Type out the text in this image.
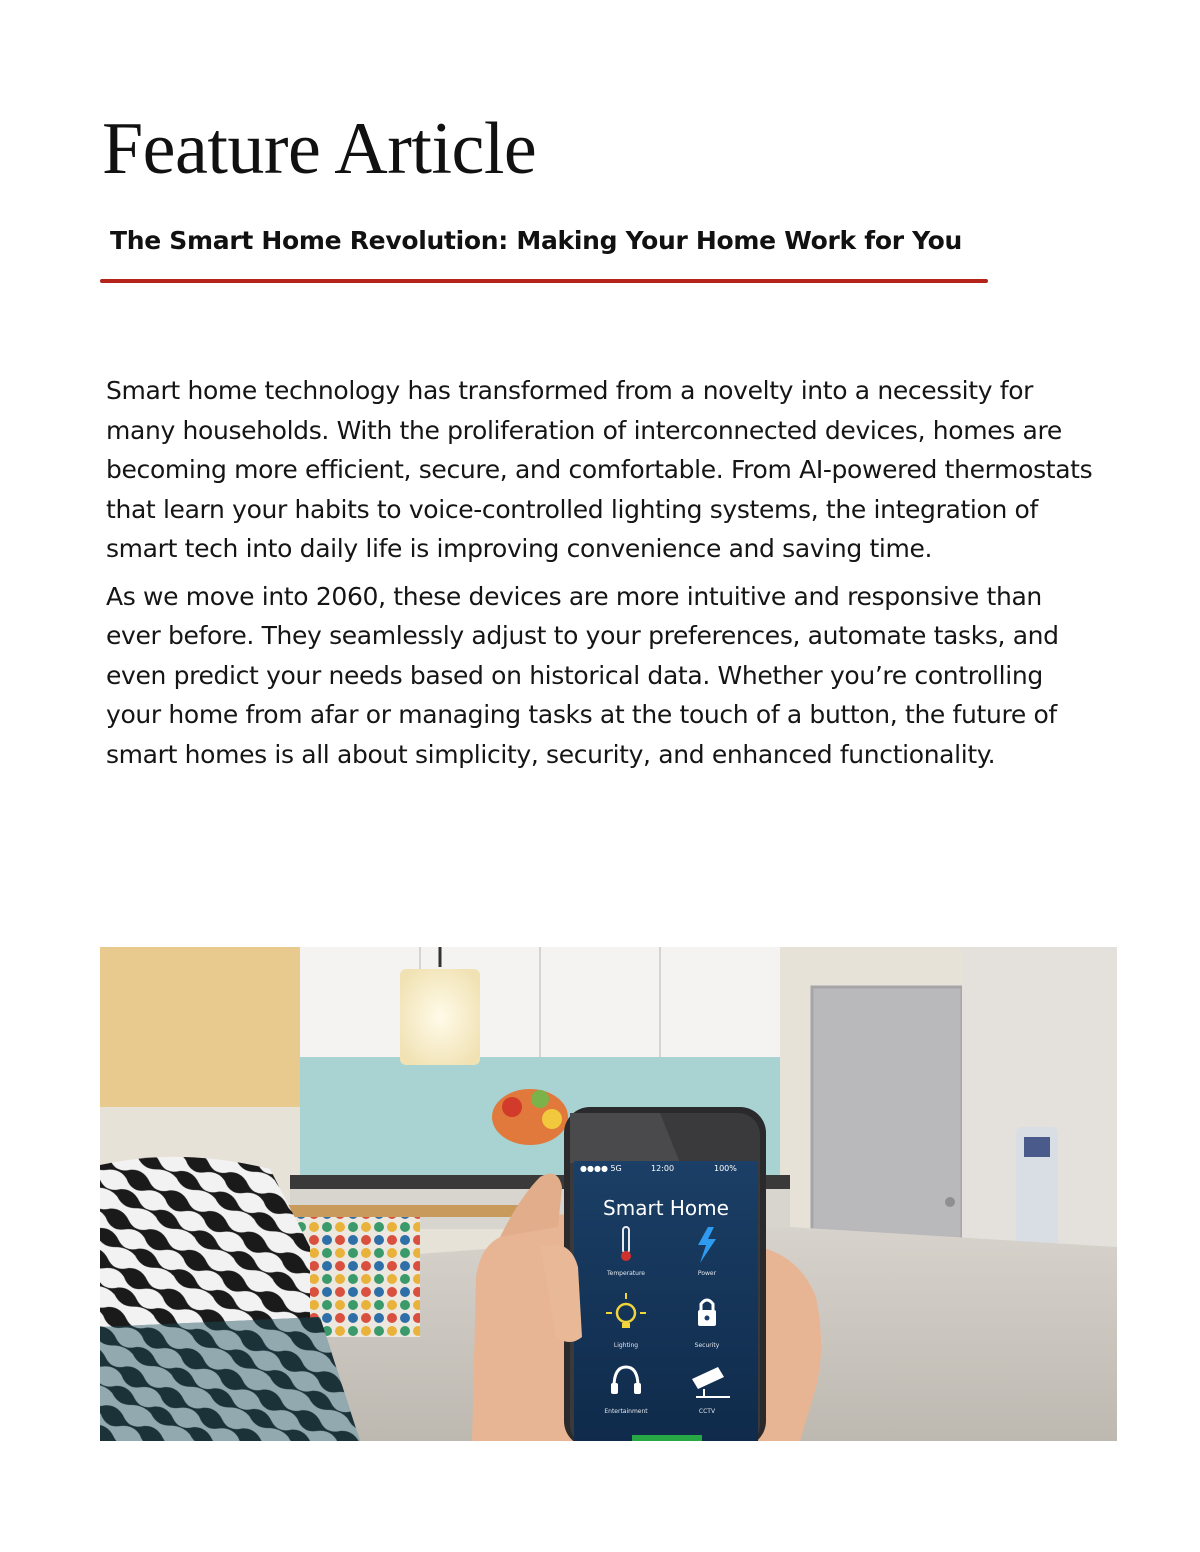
Feature Article
The Smart Home Revolution: Making Your Home Work for You

Smart home technology has transformed from a novelty into a necessity for many households. With the proliferation of interconnected devices, homes are becoming more efficient, secure, and comfortable. From AI-powered thermostats that learn your habits to voice-controlled lighting systems, the integration of smart tech into daily life is improving convenience and saving time.

As we move into 2060, these devices are more intuitive and responsive than ever before. They seamlessly adjust to your preferences, automate tasks, and even predict your needs based on historical data. Whether you’re controlling your home from afar or managing tasks at the touch of a button, the future of smart homes is all about simplicity, security, and enhanced functionality.

●●●● 5G	12:00	100%
Smart Home
Temperature	Power
Lighting	Security
Entertainment	CCTV
